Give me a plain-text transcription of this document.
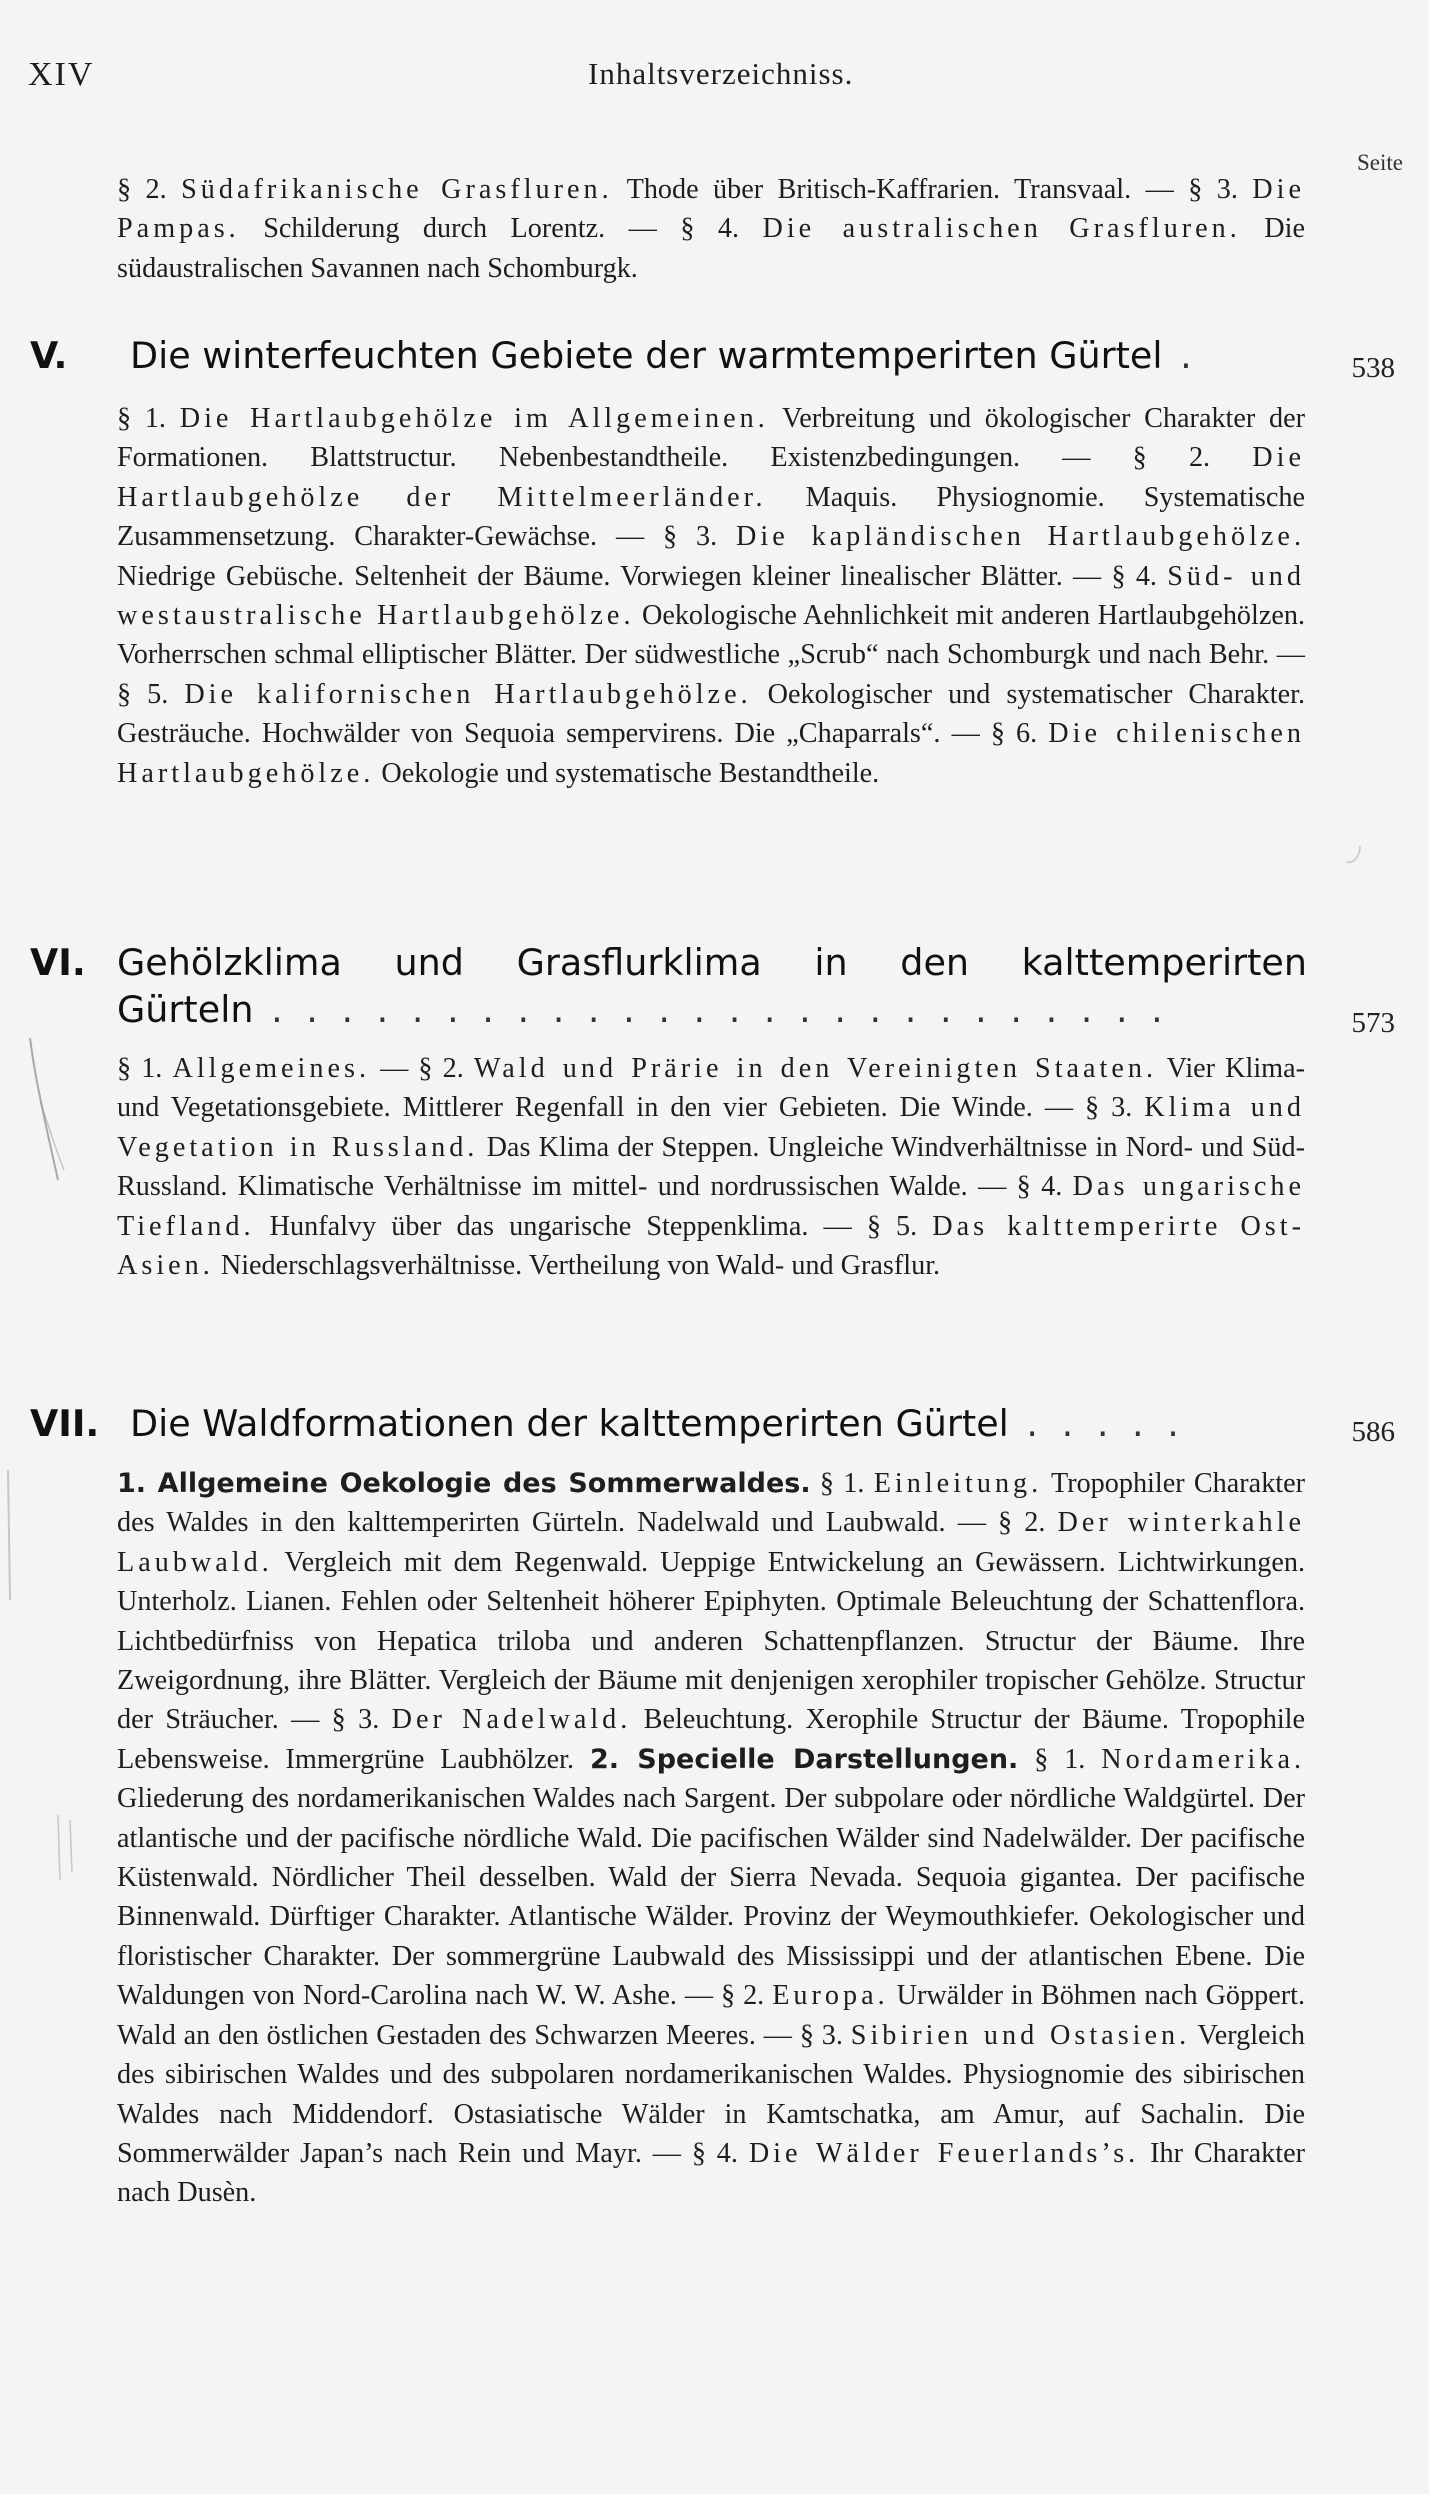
XIV	Inhaltsverzeichniss.
Seite
§ 2. Südafrikanische Grasfluren. Thode über Britisch-Kaffrarien. Transvaal. — § 3. Die Pampas. Schilderung durch Lorentz. — § 4. Die australischen Grasfluren. Die südaustralischen Savannen nach Schomburgk.
V. Die winterfeuchten Gebiete der warmtemperirten Gürtel .	538
§ 1. Die Hartlaubgehölze im Allgemeinen. Verbreitung und ökologischer Charakter der Formationen. Blattstructur. Nebenbestandtheile. Existenzbedingungen. — § 2. Die Hartlaubgehölze der Mittelmeerländer. Maquis. Physiognomie. Systematische Zusammensetzung. Charakter-Gewächse. — § 3. Die kapländischen Hartlaubgehölze. Niedrige Gebüsche. Seltenheit der Bäume. Vorwiegen kleiner linealischer Blätter. — § 4. Süd- und westaustralische Hartlaubgehölze. Oekologische Aehnlichkeit mit anderen Hartlaubgehölzen. Vorherrschen schmal elliptischer Blätter. Der südwestliche „Scrub“ nach Schomburgk und nach Behr. — § 5. Die kalifornischen Hartlaubgehölze. Oekologischer und systematischer Charakter. Gesträuche. Hochwälder von Sequoia sempervirens. Die „Chaparrals“. — § 6. Die chilenischen Hartlaubgehölze. Oekologie und systematische Bestandtheile.
VI. Gehölzklima und Grasflurklima in den kalttemperirten
Gürteln . . . . . . . . . . . . . . . . . . . . . . . . . .	573
§ 1. Allgemeines. — § 2. Wald und Prärie in den Vereinigten Staaten. Vier Klima- und Vegetationsgebiete. Mittlerer Regenfall in den vier Gebieten. Die Winde. — § 3. Klima und Vegetation in Russland. Das Klima der Steppen. Ungleiche Windverhältnisse in Nord- und Süd-Russland. Klimatische Verhältnisse im mittel- und nordrussischen Walde. — § 4. Das ungarische Tiefland. Hunfalvy über das ungarische Steppenklima. — § 5. Das kalttemperirte Ost-Asien. Niederschlagsverhältnisse. Vertheilung von Wald- und Grasflur.
VII. Die Waldformationen der kalttemperirten Gürtel . . . . .	586
1. Allgemeine Oekologie des Sommerwaldes. § 1. Einleitung. Tropophiler Charakter des Waldes in den kalttemperirten Gürteln. Nadelwald und Laubwald. — § 2. Der winterkahle Laubwald. Vergleich mit dem Regenwald. Ueppige Entwickelung an Gewässern. Lichtwirkungen. Unterholz. Lianen. Fehlen oder Seltenheit höherer Epiphyten. Optimale Beleuchtung der Schattenflora. Lichtbedürfniss von Hepatica triloba und anderen Schattenpflanzen. Structur der Bäume. Ihre Zweigordnung, ihre Blätter. Vergleich der Bäume mit denjenigen xerophiler tropischer Gehölze. Structur der Sträucher. — § 3. Der Nadelwald. Beleuchtung. Xerophile Structur der Bäume. Tropophile Lebensweise. Immergrüne Laubhölzer. 2. Specielle Darstellungen. § 1. Nordamerika. Gliederung des nordamerikanischen Waldes nach Sargent. Der subpolare oder nördliche Waldgürtel. Der atlantische und der pacifische nördliche Wald. Die pacifischen Wälder sind Nadelwälder. Der pacifische Küstenwald. Nördlicher Theil desselben. Wald der Sierra Nevada. Sequoia gigantea. Der pacifische Binnenwald. Dürftiger Charakter. Atlantische Wälder. Provinz der Weymouthkiefer. Oekologischer und floristischer Charakter. Der sommergrüne Laubwald des Mississippi und der atlantischen Ebene. Die Waldungen von Nord-Carolina nach W. W. Ashe. — § 2. Europa. Urwälder in Böhmen nach Göppert. Wald an den östlichen Gestaden des Schwarzen Meeres. — § 3. Sibirien und Ostasien. Vergleich des sibirischen Waldes und des subpolaren nordamerikanischen Waldes. Physiognomie des sibirischen Waldes nach Middendorf. Ostasiatische Wälder in Kamtschatka, am Amur, auf Sachalin. Die Sommerwälder Japan’s nach Rein und Mayr. — § 4. Die Wälder Feuerlands’s. Ihr Charakter nach Dusèn.
